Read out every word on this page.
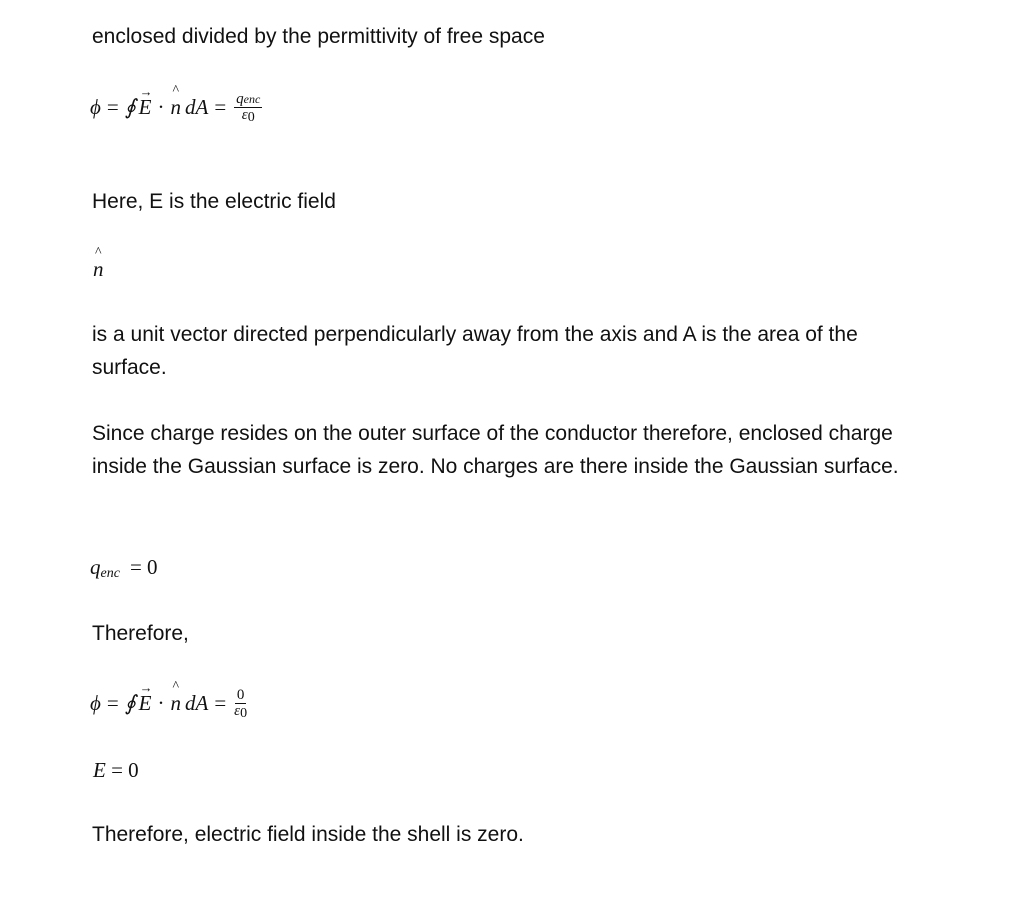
enclosed divided by the permittivity of free space

ϕ = ∮ E
→
· n
^
dA = $\frac{\text{qenc}}{\varepsilon 0}$

Here, E is the electric field

n
^

is a unit vector directed perpendicularly away from the axis and A is the area of the surface.

Since charge resides on the outer surface of the conductor therefore, enclosed charge inside the Gaussian surface is zero. No charges are there inside the Gaussian surface.

q enc = 0

Therefore,

ϕ = ∮ E
→
· n
^
dA = $\frac{0}{\varepsilon 0}$
E = 0

Therefore, electric field inside the shell is zero.
